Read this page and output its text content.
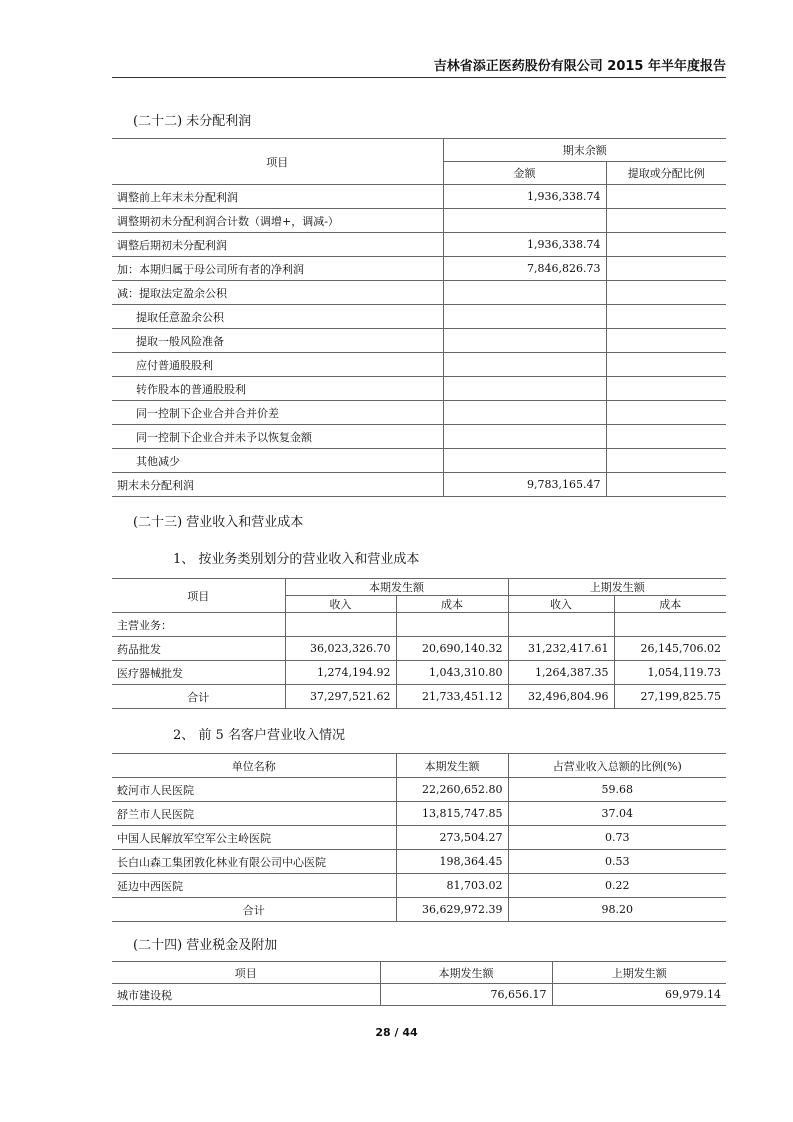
吉林省添正医药股份有限公司 2015 年半年度报告
(二十二) 未分配利润
项目	期末余额	
	金额	提取或分配比例
调整前上年末未分配利润	1,936,338.74	
调整期初未分配利润合计数（调增+，调减-）		
调整后期初未分配利润	1,936,338.74	
加：本期归属于母公司所有者的净利润	7,846,826.73	
减：提取法定盈余公积		
提取任意盈余公积		
提取一般风险准备		
应付普通股股利		
转作股本的普通股股利		
同一控制下企业合并合并价差		
同一控制下企业合并未予以恢复金额		
其他减少		
期末未分配利润	9,783,165.47	
(二十三) 营业收入和营业成本
1、 按业务类别划分的营业收入和营业成本
项目	本期发生额		上期发生额	
	收入	成本	收入	成本
主营业务：				
药品批发	36,023,326.70	20,690,140.32	31,232,417.61	26,145,706.02
医疗器械批发	1,274,194.92	1,043,310.80	1,264,387.35	1,054,119.73
合计	37,297,521.62	21,733,451.12	32,496,804.96	27,199,825.75
2、 前 5 名客户营业收入情况
单位名称	本期发生额	占营业收入总额的比例(%)
蛟河市人民医院	22,260,652.80	59.68
舒兰市人民医院	13,815,747.85	37.04
中国人民解放军空军公主岭医院	273,504.27	0.73
长白山森工集团敦化林业有限公司中心医院	198,364.45	0.53
延边中西医院	81,703.02	0.22
合计	36,629,972.39	98.20
(二十四) 营业税金及附加
项目	本期发生额	上期发生额
城市建设税	76,656.17	69,979.14
28 / 44
